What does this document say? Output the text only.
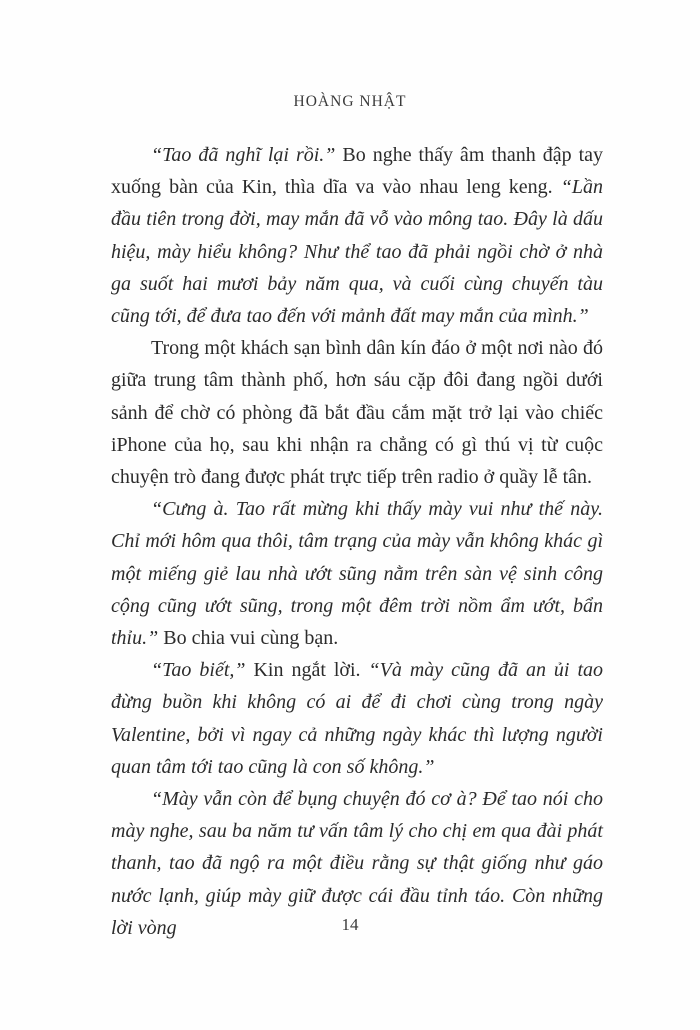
HOÀNG NHẬT

“Tao đã nghĩ lại rồi.” Bo nghe thấy âm thanh đập tay xuống bàn của Kin, thìa dĩa va vào nhau leng keng. “Lần đầu tiên trong đời, may mắn đã vỗ vào mông tao. Đây là dấu hiệu, mày hiểu không? Như thể tao đã phải ngồi chờ ở nhà ga suốt hai mươi bảy năm qua, và cuối cùng chuyến tàu cũng tới, để đưa tao đến với mảnh đất may mắn của mình.”

Trong một khách sạn bình dân kín đáo ở một nơi nào đó giữa trung tâm thành phố, hơn sáu cặp đôi đang ngồi dưới sảnh để chờ có phòng đã bắt đầu cắm mặt trở lại vào chiếc iPhone của họ, sau khi nhận ra chẳng có gì thú vị từ cuộc chuyện trò đang được phát trực tiếp trên radio ở quầy lễ tân.

“Cưng à. Tao rất mừng khi thấy mày vui như thế này. Chỉ mới hôm qua thôi, tâm trạng của mày vẫn không khác gì một miếng giẻ lau nhà ướt sũng nằm trên sàn vệ sinh công cộng cũng ướt sũng, trong một đêm trời nồm ẩm ướt, bẩn thỉu.” Bo chia vui cùng bạn.

“Tao biết,” Kin ngắt lời. “Và mày cũng đã an ủi tao đừng buồn khi không có ai để đi chơi cùng trong ngày Valentine, bởi vì ngay cả những ngày khác thì lượng người quan tâm tới tao cũng là con số không.”

“Mày vẫn còn để bụng chuyện đó cơ à? Để tao nói cho mày nghe, sau ba năm tư vấn tâm lý cho chị em qua đài phát thanh, tao đã ngộ ra một điều rằng sự thật giống như gáo nước lạnh, giúp mày giữ được cái đầu tỉnh táo. Còn những lời vòng	14
